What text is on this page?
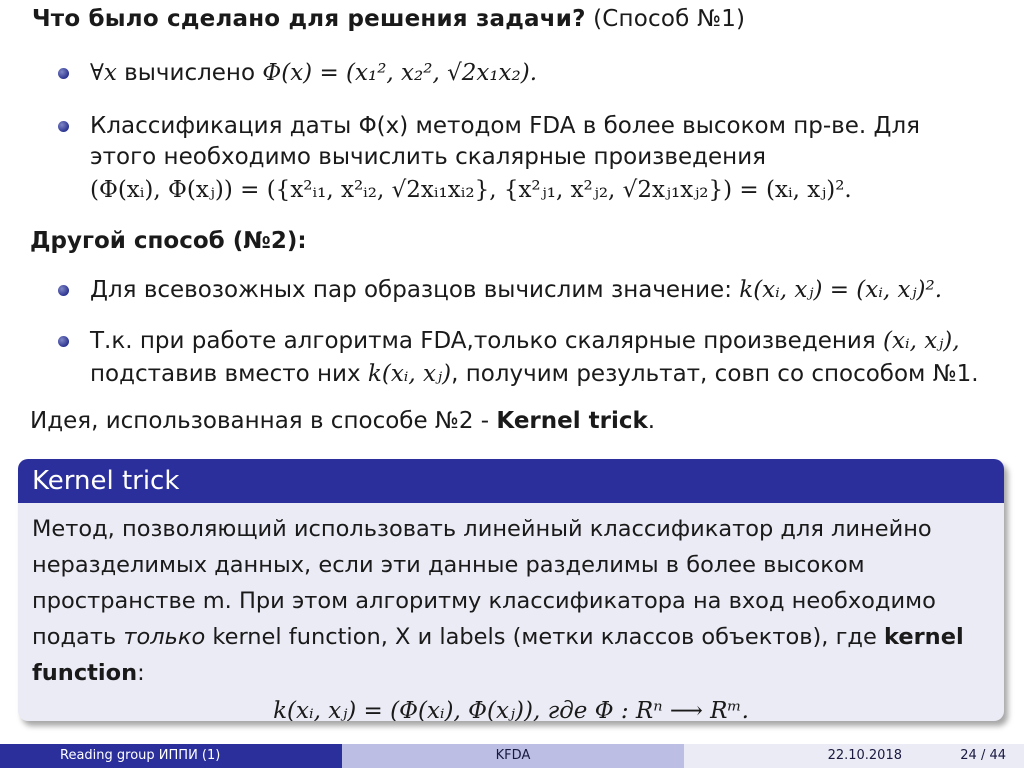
Что было сделано для решения задачи? (Способ №1)
∀x вычислено Φ(x) = (x₁², x₂², √2x₁x₂).
Классификация даты Φ(x) методом FDA в более высоком пр-ве. Для
этого необходимо вычислить скалярные произведения
(Φ(xᵢ), Φ(xⱼ)) = ({x²ᵢ₁, x²ᵢ₂, √2xᵢ₁xᵢ₂}, {x²ⱼ₁, x²ⱼ₂, √2xⱼ₁xⱼ₂}) = (xᵢ, xⱼ)².
Другой способ (№2):
Для всевозожных пар образцов вычислим значение: k(xᵢ, xⱼ) = (xᵢ, xⱼ)².
Т.к. при работе алгоритма FDA,только скалярные произведения (xᵢ, xⱼ),
подставив вместо них k(xᵢ, xⱼ), получим результат, совп со способом №1.
Идея, использованная в способе №2 - Kernel trick.
Kernel trick
Метод, позволяющий использовать линейный классификатор для линейно
неразделимых данных, если эти данные разделимы в более высоком
пространстве m. При этом алгоритму классификатора на вход необходимо
подать только kernel function, X и labels (метки классов объектов), где kernel
function:
k(xᵢ, xⱼ) = (Φ(xᵢ), Φ(xⱼ)), где Φ : Rⁿ ⟶ Rᵐ.
Reading group ИППИ (1)	KFDA	22.10.2018	24 / 44
